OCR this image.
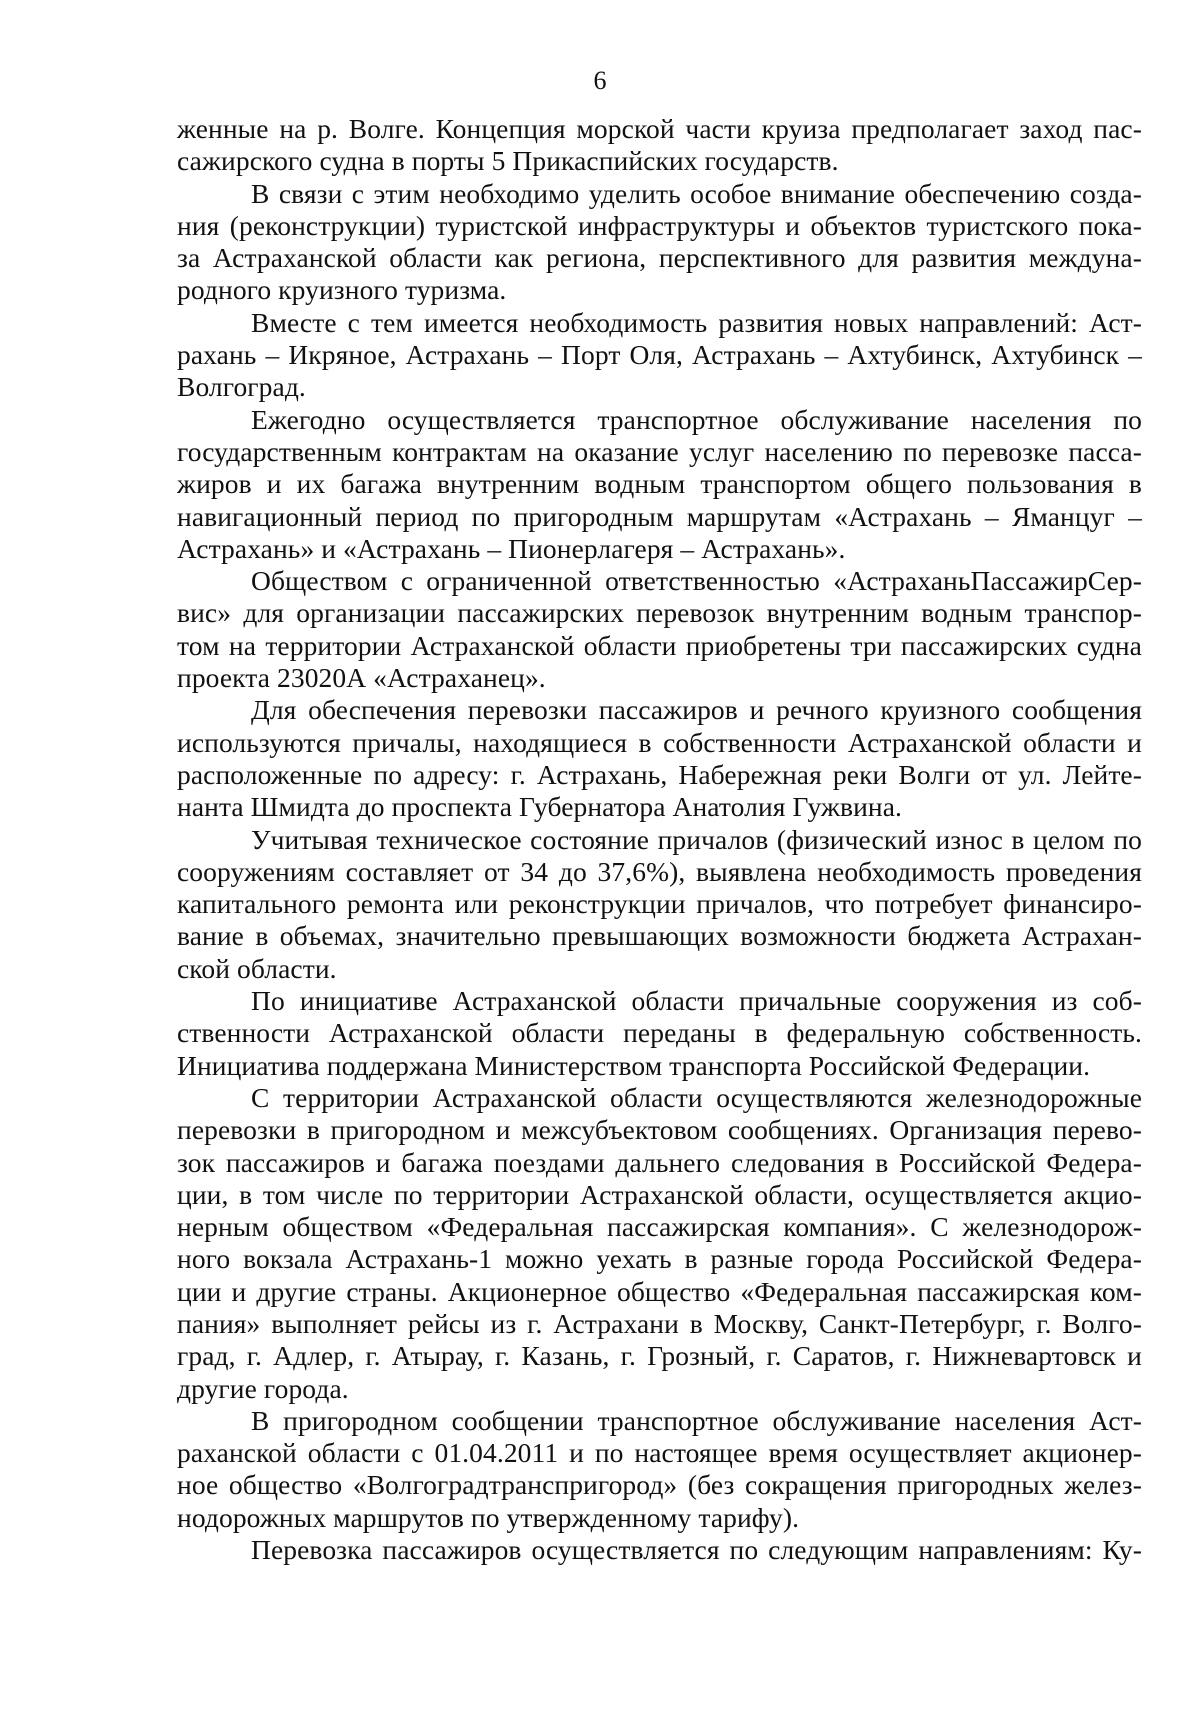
6
женные на р. Волге. Концепция морской части круиза предполагает заход пас-
сажирского судна в порты 5 Прикаспийских государств.
В связи с этим необходимо уделить особое внимание обеспечению созда-
ния (реконструкции) туристской инфраструктуры и объектов туристского пока-
за Астраханской области как региона, перспективного для развития междуна-
родного круизного туризма.
Вместе с тем имеется необходимость развития новых направлений: Аст-
рахань – Икряное, Астрахань – Порт Оля, Астрахань – Ахтубинск, Ахтубинск –
Волгоград.
Ежегодно осуществляется транспортное обслуживание населения по
государственным контрактам на оказание услуг населению по перевозке пасса-
жиров и их багажа внутренним водным транспортом общего пользования в
навигационный период по пригородным маршрутам «Астрахань – Яманцуг –
Астрахань» и «Астрахань – Пионерлагеря – Астрахань».
Обществом с ограниченной ответственностью «АстраханьПассажирСер-
вис» для организации пассажирских перевозок внутренним водным транспор-
том на территории Астраханской области приобретены три пассажирских судна
проекта 23020А «Астраханец».
Для обеспечения перевозки пассажиров и речного круизного сообщения
используются причалы, находящиеся в собственности Астраханской области и
расположенные по адресу: г. Астрахань, Набережная реки Волги от ул. Лейте-
нанта Шмидта до проспекта Губернатора Анатолия Гужвина.
Учитывая техническое состояние причалов (физический износ в целом по
сооружениям составляет от 34 до 37,6%), выявлена необходимость проведения
капитального ремонта или реконструкции причалов, что потребует финансиро-
вание в объемах, значительно превышающих возможности бюджета Астрахан-
ской области.
По инициативе Астраханской области причальные сооружения из соб-
ственности Астраханской области переданы в федеральную собственность.
Инициатива поддержана Министерством транспорта Российской Федерации.
С территории Астраханской области осуществляются железнодорожные
перевозки в пригородном и межсубъектовом сообщениях. Организация перево-
зок пассажиров и багажа поездами дальнего следования в Российской Федера-
ции, в том числе по территории Астраханской области, осуществляется акцио-
нерным обществом «Федеральная пассажирская компания». С железнодорож-
ного вокзала Астрахань-1 можно уехать в разные города Российской Федера-
ции и другие страны. Акционерное общество «Федеральная пассажирская ком-
пания» выполняет рейсы из г. Астрахани в Москву, Санкт-Петербург, г. Волго-
град, г. Адлер, г. Атырау, г. Казань, г. Грозный, г. Саратов, г. Нижневартовск и
другие города.
В пригородном сообщении транспортное обслуживание населения Аст-
раханской области с 01.04.2011 и по настоящее время осуществляет акционер-
ное общество «Волгоградтранспригород» (без сокращения пригородных желез-
нодорожных маршрутов по утвержденному тарифу).
Перевозка пассажиров осуществляется по следующим направлениям: Ку-
